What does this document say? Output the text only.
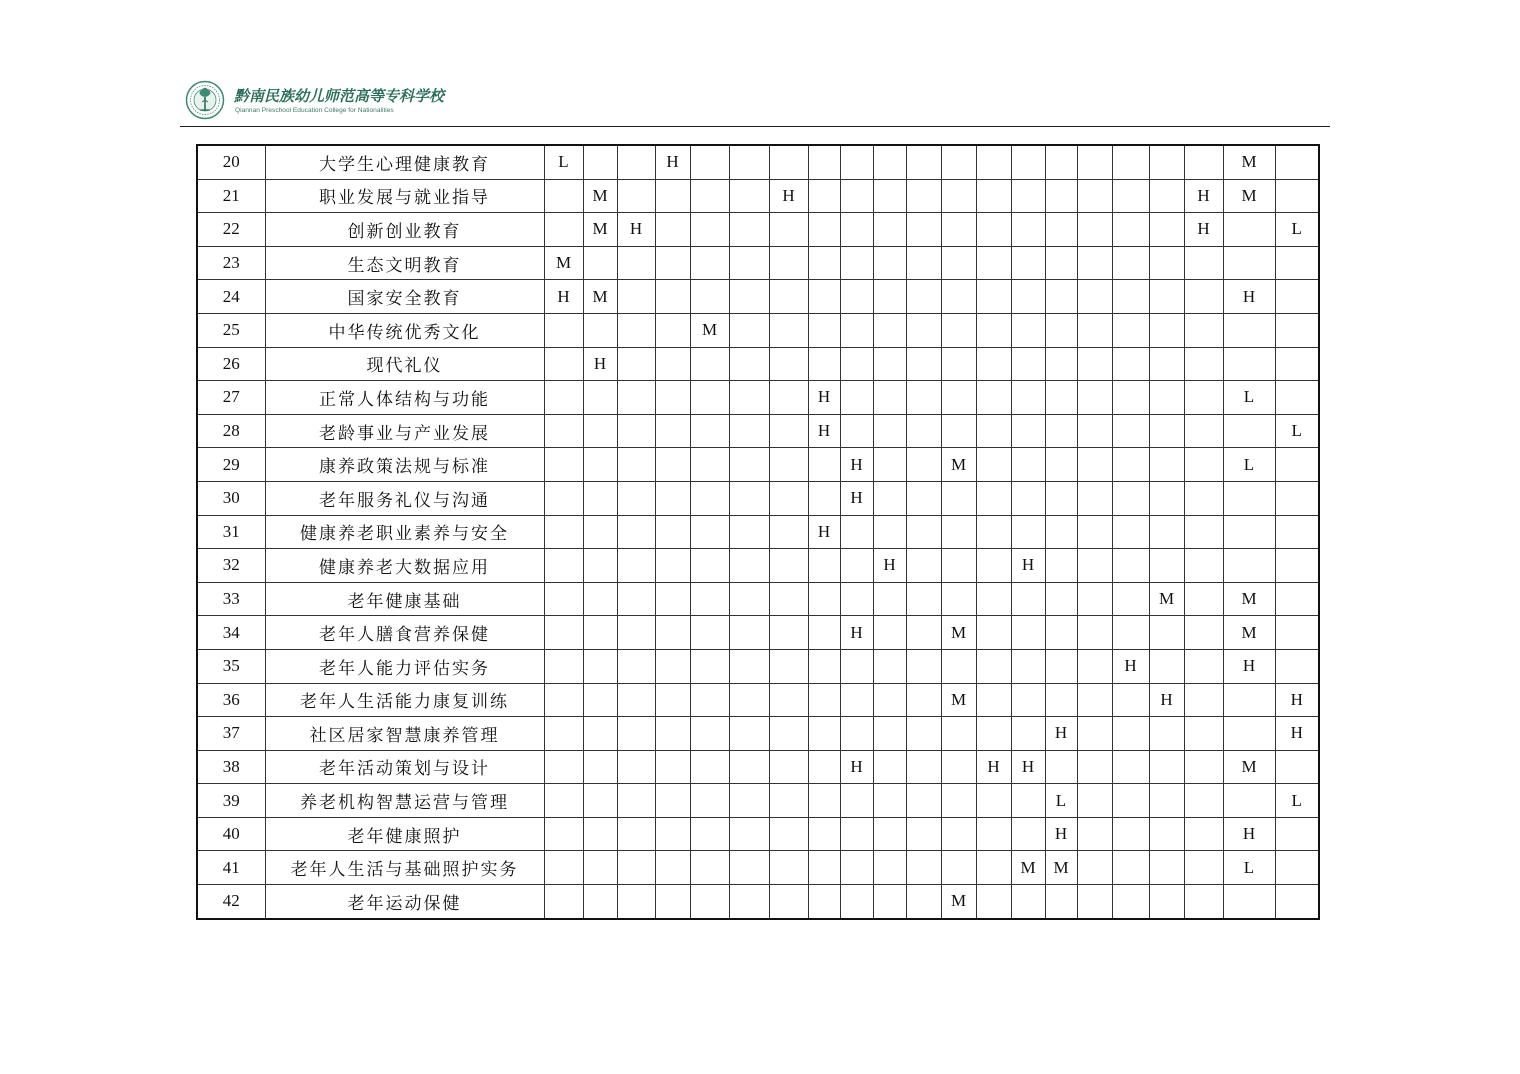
黔南民族幼儿师范高等专科学校
Qiannan Preschool Education College for Nationalities
20	大学生心理健康教育	L			H																M	
21	职业发展与就业指导		M					H												H	M	
22	创新创业教育		M	H																H		L
23	生态文明教育	M																				
24	国家安全教育	H	M																		H	
25	中华传统优秀文化					M																
26	现代礼仪		H																			
27	正常人体结构与功能								H												L	
28	老龄事业与产业发展								H													L
29	康养政策法规与标准									H			M								L	
30	老年服务礼仪与沟通									H												
31	健康养老职业素养与安全								H													
32	健康养老大数据应用										H				H							
33	老年健康基础																		M		M	
34	老年人膳食营养保健									H			M								M	
35	老年人能力评估实务																	H			H	
36	老年人生活能力康复训练												M						H			H
37	社区居家智慧康养管理															H						H
38	老年活动策划与设计									H				H	H						M	
39	养老机构智慧运营与管理															L						L
40	老年健康照护															H					H	
41	老年人生活与基础照护实务														M	M					L	
42	老年运动保健												M									
